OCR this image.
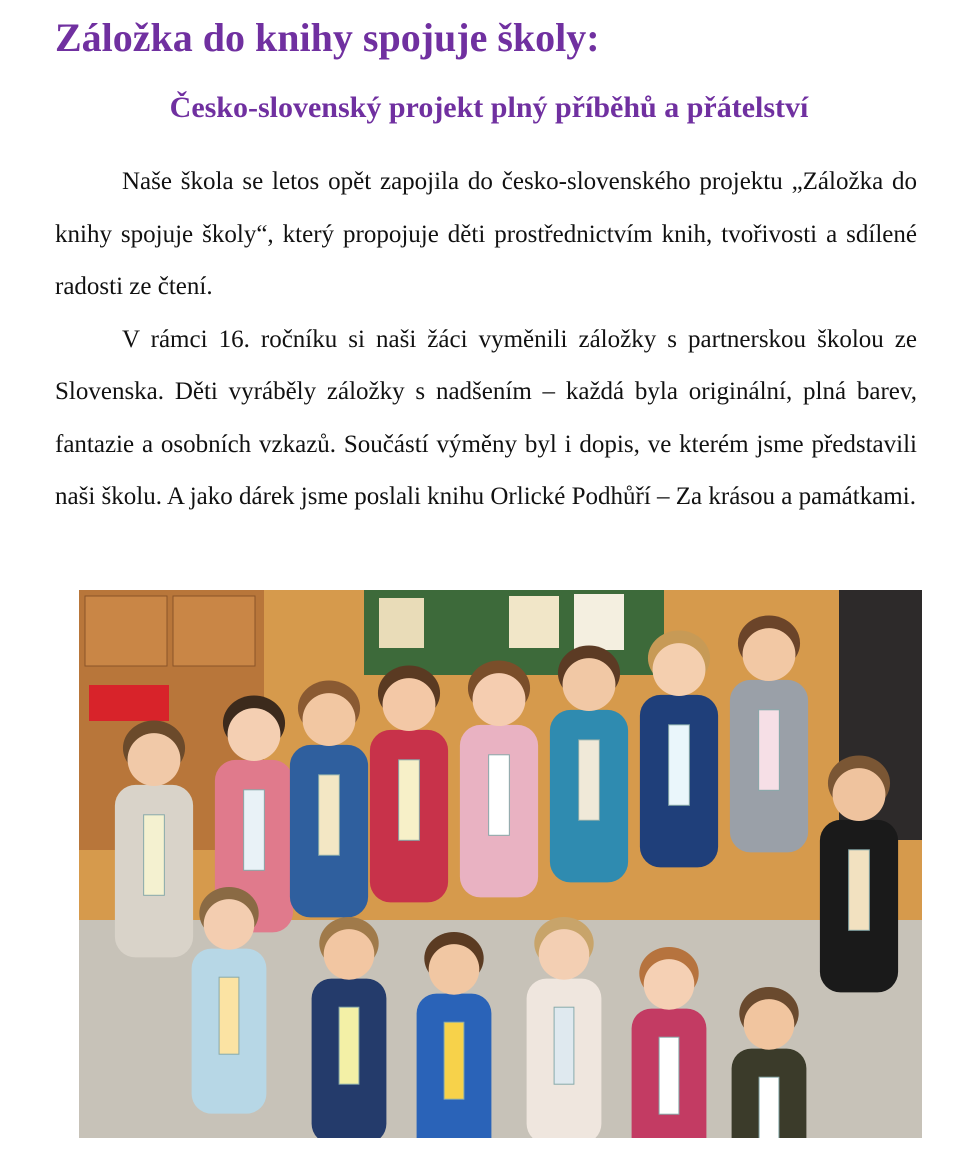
Záložka do knihy spojuje školy:
Česko-slovenský projekt plný příběhů a přátelství

Naše škola se letos opět zapojila do česko-slovenského projektu „Záložka do knihy spojuje školy“, který propojuje děti prostřednictvím knih, tvořivosti a sdílené radosti ze čtení.

V rámci 16. ročníku si naši žáci vyměnili záložky s partnerskou školou ze Slovenska. Děti vyráběly záložky s nadšením – každá byla originální, plná barev, fantazie a osobních vzkazů. Součástí výměny byl i dopis, ve kterém jsme představili naši školu. A jako dárek jsme poslali knihu Orlické Podhůří – Za krásou a památkami.
